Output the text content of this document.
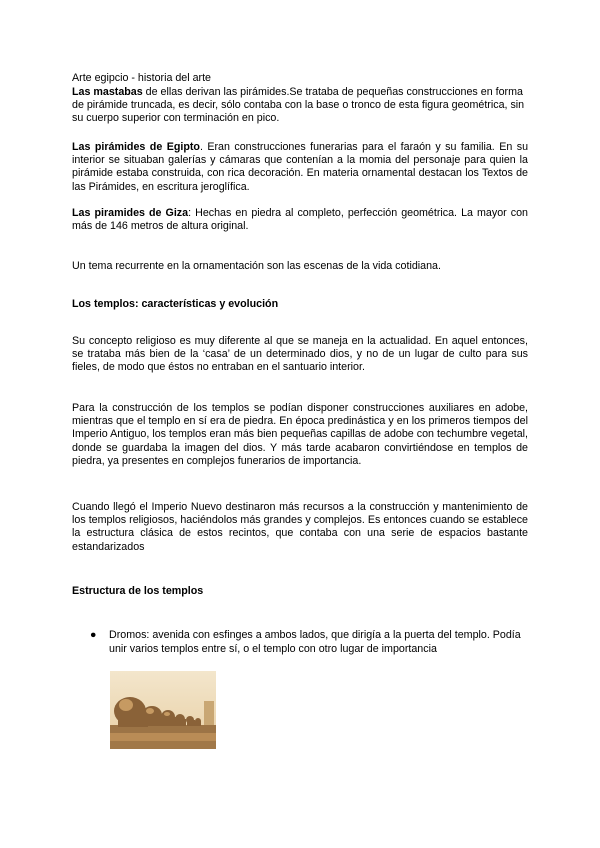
Arte egipcio - historia del arte
Las mastabas de ellas derivan las pirámides.Se trataba de pequeñas construcciones en forma de pirámide truncada, es decir, sólo contaba con la base o tronco de esta figura geométrica, sin su cuerpo superior con terminación en pico.
Las pirámides de Egipto. Eran construcciones funerarias para el faraón y su familia. En su interior se situaban galerías y cámaras que contenían a la momia del personaje para quien la pirámide estaba construida, con rica decoración. En materia ornamental destacan los Textos de las Pirámides, en escritura jeroglífica.
Las piramides de Giza: Hechas en piedra al completo, perfección geométrica. La mayor con más de 146 metros de altura original.
Un tema recurrente en la ornamentación son las escenas de la vida cotidiana.
Los templos: características y evolución
Su concepto religioso es muy diferente al que se maneja en la actualidad. En aquel entonces, se trataba más bien de la ‘casa’ de un determinado dios, y no de un lugar de culto para sus fieles, de modo que éstos no entraban en el santuario interior.
Para la construcción de los templos se podían disponer construcciones auxiliares en adobe, mientras que el templo en sí era de piedra. En época predinástica y en los primeros tiempos del Imperio Antiguo, los templos eran más bien pequeñas capillas de adobe con techumbre vegetal, donde se guardaba la imagen del dios. Y más tarde acabaron convirtiéndose en templos de piedra, ya presentes en complejos funerarios de importancia.
Cuando llegó el Imperio Nuevo destinaron más recursos a la construcción y mantenimiento de los templos religiosos, haciéndolos más grandes y complejos. Es entonces cuando se establece la estructura clásica de estos recintos, que contaba con una serie de espacios bastante estandarizados
Estructura de los templos
● Dromos: avenida con esfinges a ambos lados, que dirigía a la puerta del templo. Podía unir varios templos entre sí, o el templo con otro lugar de importancia
